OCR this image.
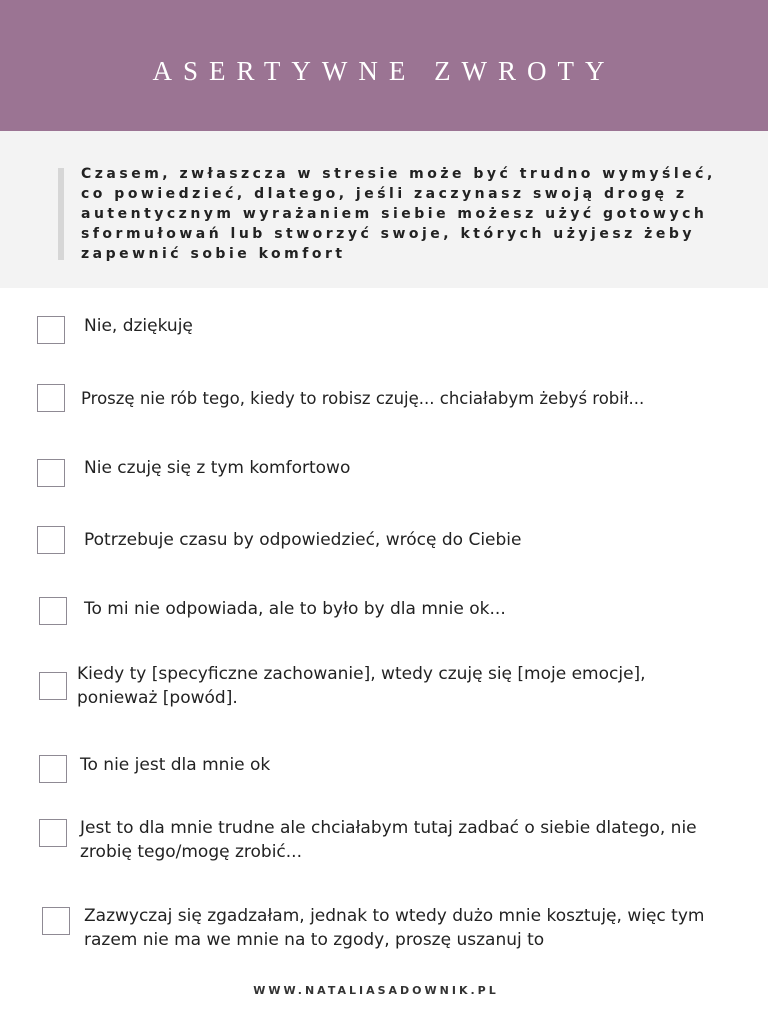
ASERTYWNE ZWROTY
Czasem, zwłaszcza w stresie może być trudno wymyśleć, co powiedzieć, dlatego, jeśli zaczynasz swoją drogę z autentycznym wyrażaniem siebie możesz użyć gotowych sformułowań lub stworzyć swoje, których użyjesz żeby zapewnić sobie komfort
Nie, dziękuję
Proszę nie rób tego, kiedy to robisz czuję... chciałabym żebyś robił...
Nie czuję się z tym komfortowo
Potrzebuje czasu by odpowiedzieć, wrócę do Ciebie
To mi nie odpowiada, ale to było by dla mnie ok...
Kiedy ty [specyficzne zachowanie], wtedy czuję się [moje emocje], ponieważ [powód].
To nie jest dla mnie ok
Jest to dla mnie trudne ale chciałabym tutaj zadbać o siebie dlatego, nie zrobię tego/mogę zrobić...
Zazwyczaj się zgadzałam, jednak to wtedy dużo mnie kosztuję, więc tym razem nie ma we mnie na to zgody, proszę uszanuj to
WWW.NATALIASADOWNIK.PL
